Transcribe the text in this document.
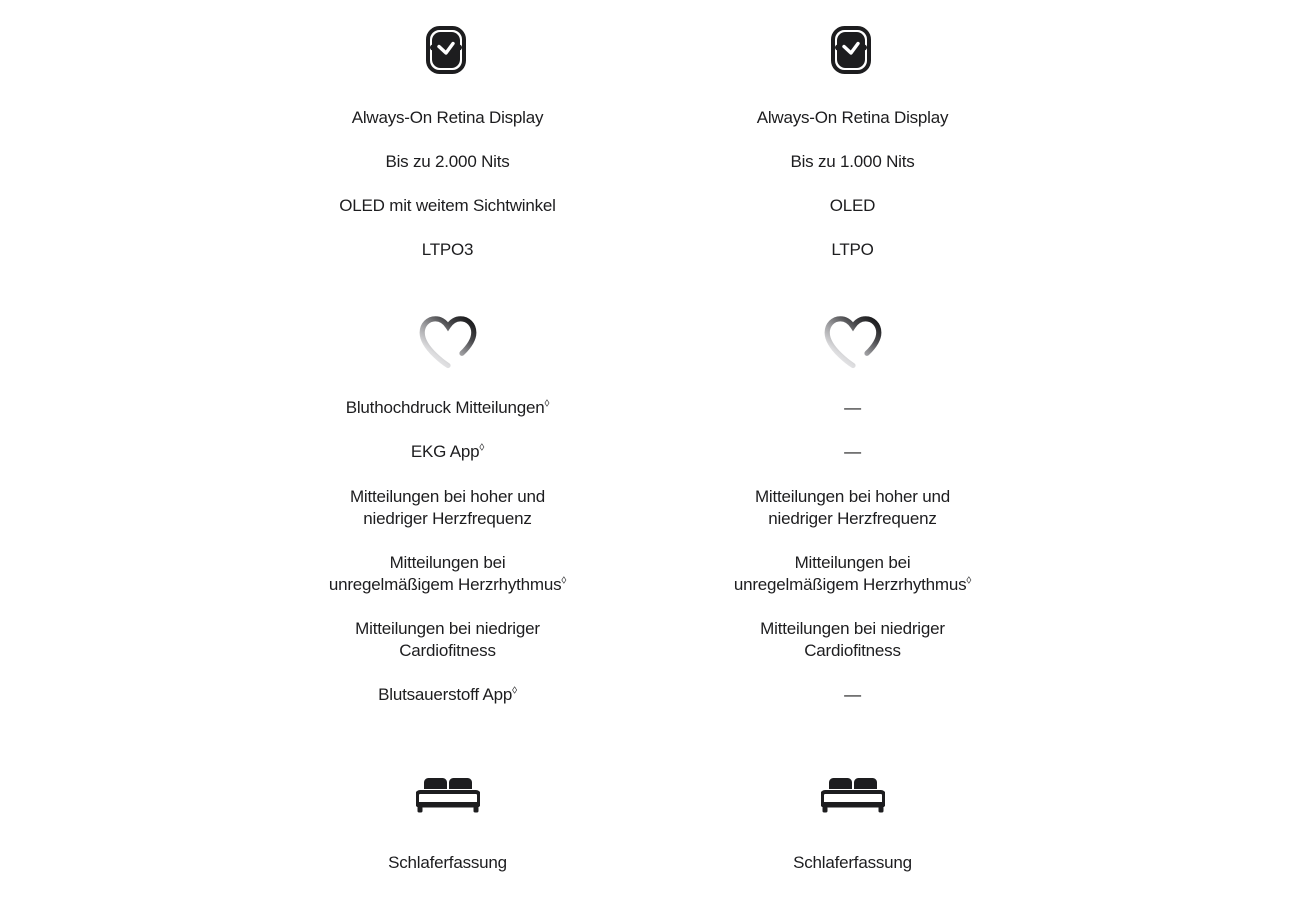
Always-On Retina Display

Bis zu 2.000 Nits

OLED mit weitem Sichtwinkel

LTPO3

Bluthochdruck Mitteilungen◊

EKG App◊

Mitteilungen bei hoher und niedriger Herzfrequenz

Mitteilungen bei unregelmäßigem Herzrhythmus◊

Mitteilungen bei niedriger Cardiofitness

Blutsauerstoff App◊

Schlaferfassung

Always-On Retina Display

Bis zu 1.000 Nits

OLED

LTPO

—

—

Mitteilungen bei hoher und niedriger Herzfrequenz

Mitteilungen bei unregelmäßigem Herzrhythmus◊

Mitteilungen bei niedriger Cardiofitness

—

Schlaferfassung
